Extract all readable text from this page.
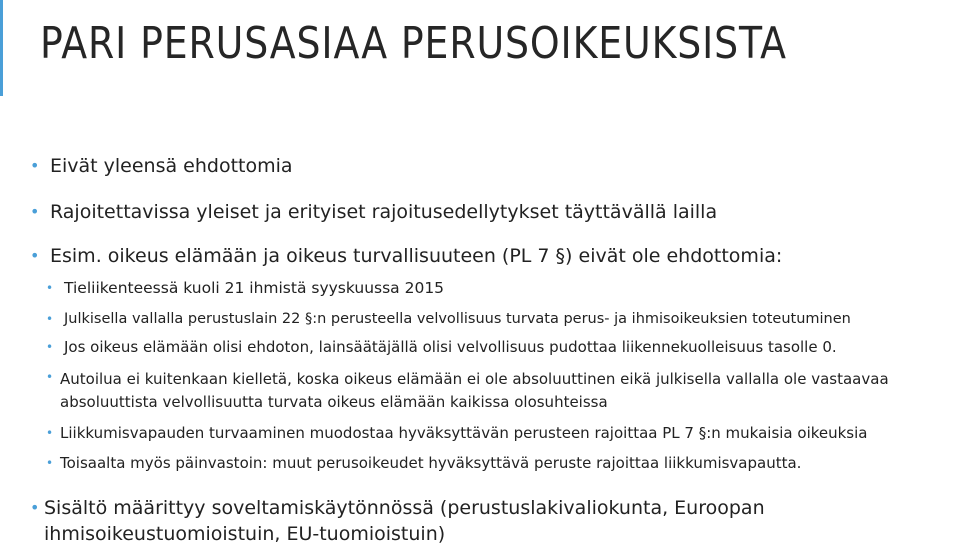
PARI PERUSASIAA PERUSOIKEUKSISTA
• Eivät yleensä ehdottomia
• Rajoitettavissa yleiset ja erityiset rajoitusedellytykset täyttävällä lailla
• Esim. oikeus elämään ja oikeus turvallisuuteen (PL 7 §) eivät ole ehdottomia:
• Tieliikenteessä kuoli 21 ihmistä syyskuussa 2015
• Julkisella vallalla perustuslain 22 §:n perusteella velvollisuus turvata perus- ja ihmisoikeuksien toteutuminen
• Jos oikeus elämään olisi ehdoton, lainsäätäjällä olisi velvollisuus pudottaa liikennekuolleisuus tasolle 0.
• Autoilua ei kuitenkaan kielletä, koska oikeus elämään ei ole absoluuttinen eikä julkisella vallalla ole vastaavaa absoluuttista velvollisuutta turvata oikeus elämään kaikissa olosuhteissa
• Liikkumisvapauden turvaaminen muodostaa hyväksyttävän perusteen rajoittaa PL 7 §:n mukaisia oikeuksia
• Toisaalta myös päinvastoin: muut perusoikeudet hyväksyttävä peruste rajoittaa liikkumisvapautta.
• Sisältö määrittyy soveltamiskäytönnössä (perustuslakivaliokunta, Euroopan ihmisoikeustuomioistuin, EU-tuomioistuin)
